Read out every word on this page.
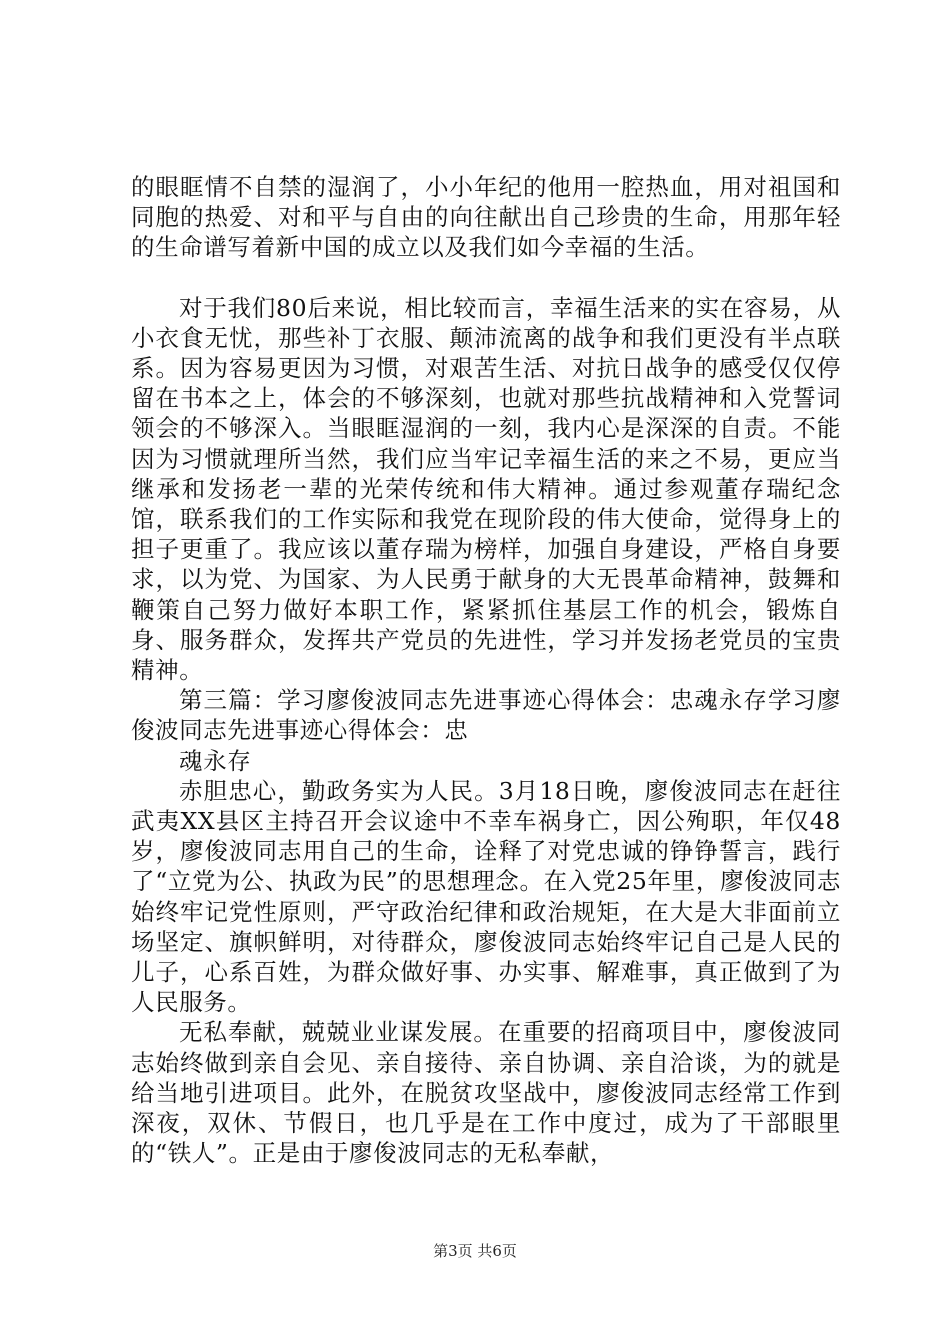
的眼眶情不自禁的湿润了，小小年纪的他用一腔热血，用对祖国和同胞的热爱、对和平与自由的向往献出自己珍贵的生命，用那年轻的生命谱写着新中国的成立以及我们如今幸福的生活。

对于我们80后来说，相比较而言，幸福生活来的实在容易，从小衣食无忧，那些补丁衣服、颠沛流离的战争和我们更没有半点联系。因为容易更因为习惯，对艰苦生活、对抗日战争的感受仅仅停留在书本之上，体会的不够深刻，也就对那些抗战精神和入党誓词领会的不够深入。当眼眶湿润的一刻，我内心是深深的自责。不能因为习惯就理所当然，我们应当牢记幸福生活的来之不易，更应当继承和发扬老一辈的光荣传统和伟大精神。通过参观董存瑞纪念馆，联系我们的工作实际和我党在现阶段的伟大使命，觉得身上的担子更重了。我应该以董存瑞为榜样，加强自身建设，严格自身要求，以为党、为国家、为人民勇于献身的大无畏革命精神，鼓舞和鞭策自己努力做好本职工作，紧紧抓住基层工作的机会，锻炼自身、服务群众，发挥共产党员的先进性，学习并发扬老党员的宝贵精神。

第三篇：学习廖俊波同志先进事迹心得体会：忠魂永存学习廖俊波同志先进事迹心得体会：忠

魂永存

赤胆忠心，勤政务实为人民。3月18日晚，廖俊波同志在赶往武夷XX县区主持召开会议途中不幸车祸身亡，因公殉职，年仅48岁，廖俊波同志用自己的生命，诠释了对党忠诚的铮铮誓言，践行了“立党为公、执政为民”的思想理念。在入党25年里，廖俊波同志始终牢记党性原则，严守政治纪律和政治规矩，在大是大非面前立场坚定、旗帜鲜明，对待群众，廖俊波同志始终牢记自己是人民的儿子，心系百姓，为群众做好事、办实事、解难事，真正做到了为人民服务。

无私奉献，兢兢业业谋发展。在重要的招商项目中，廖俊波同志始终做到亲自会见、亲自接待、亲自协调、亲自洽谈，为的就是给当地引进项目。此外，在脱贫攻坚战中，廖俊波同志经常工作到深夜，双休、节假日，也几乎是在工作中度过，成为了干部眼里的“铁人”。正是由于廖俊波同志的无私奉献，

第3页 共6页
